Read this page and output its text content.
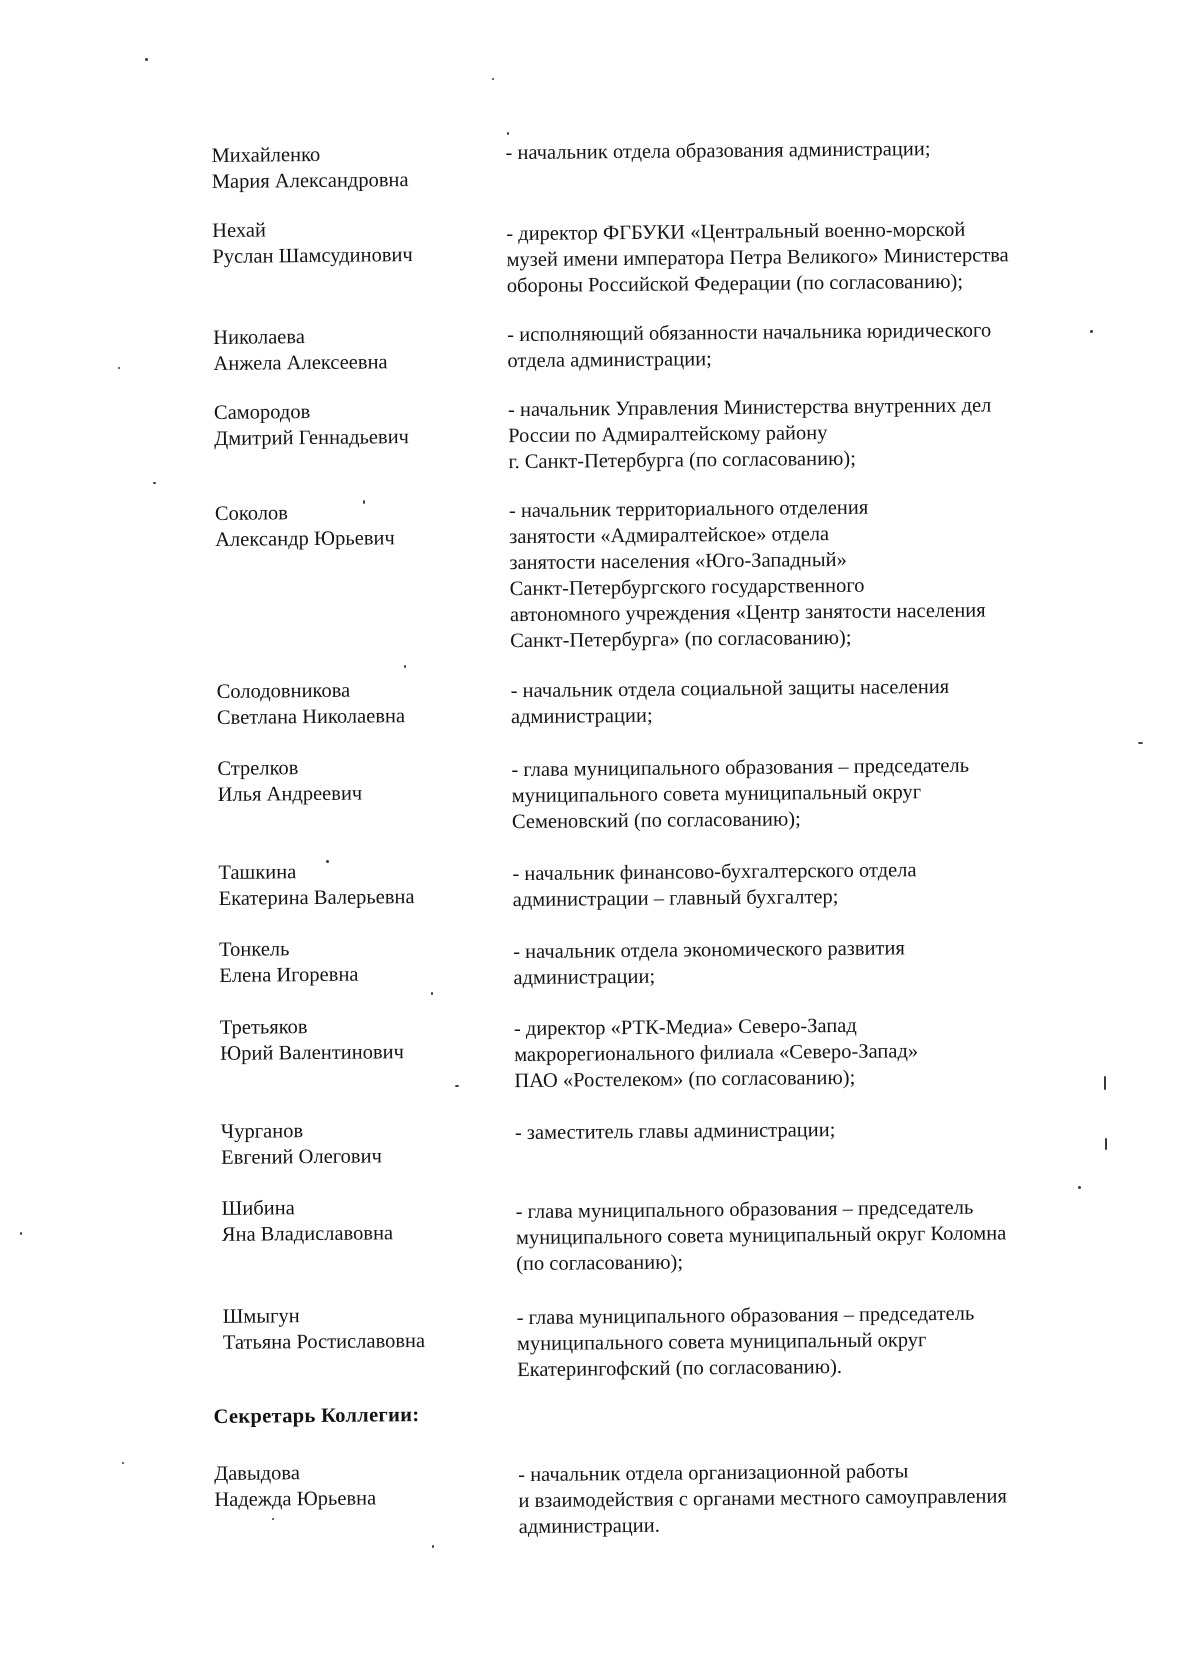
Михайленко
Мария Александровна

- начальник отдела образования администрации;

Нехай
Руслан Шамсудинович

- директор ФГБУКИ «Центральный военно-морской
музей имени императора Петра Великого» Министерства
обороны Российской Федерации (по согласованию);

Николаева
Анжела Алексеевна

- исполняющий обязанности начальника юридического
отдела администрации;

Самородов
Дмитрий Геннадьевич

- начальник Управления Министерства внутренних дел
России по Адмиралтейскому району
г. Санкт-Петербурга (по согласованию);

Соколов
Александр Юрьевич

- начальник территориального отделения
занятости «Адмиралтейское» отдела
занятости населения «Юго-Западный»
Санкт-Петербургского государственного
автономного учреждения «Центр занятости населения
Санкт-Петербурга» (по согласованию);

Солодовникова
Светлана Николаевна

- начальник отдела социальной защиты населения
администрации;

Стрелков
Илья Андреевич

- глава муниципального образования – председатель
муниципального совета муниципальный округ
Семеновский (по согласованию);

Ташкина
Екатерина Валерьевна

- начальник финансово-бухгалтерского отдела
администрации – главный бухгалтер;

Тонкель
Елена Игоревна

- начальник отдела экономического развития
администрации;

Третьяков
Юрий Валентинович

- директор «РТК-Медиа» Северо-Запад
макрорегионального филиала «Северо-Запад»
ПАО «Ростелеком» (по согласованию);

Чурганов
Евгений Олегович

- заместитель главы администрации;

Шибина
Яна Владиславовна

- глава муниципального образования – председатель
муниципального совета муниципальный округ Коломна
(по согласованию);

Шмыгун
Татьяна Ростиславовна

- глава муниципального образования – председатель
муниципального совета муниципальный округ
Екатерингофский (по согласованию).

Секретарь Коллегии:

Давыдова
Надежда Юрьевна

- начальник отдела организационной работы
и взаимодействия с органами местного самоуправления
администрации.
